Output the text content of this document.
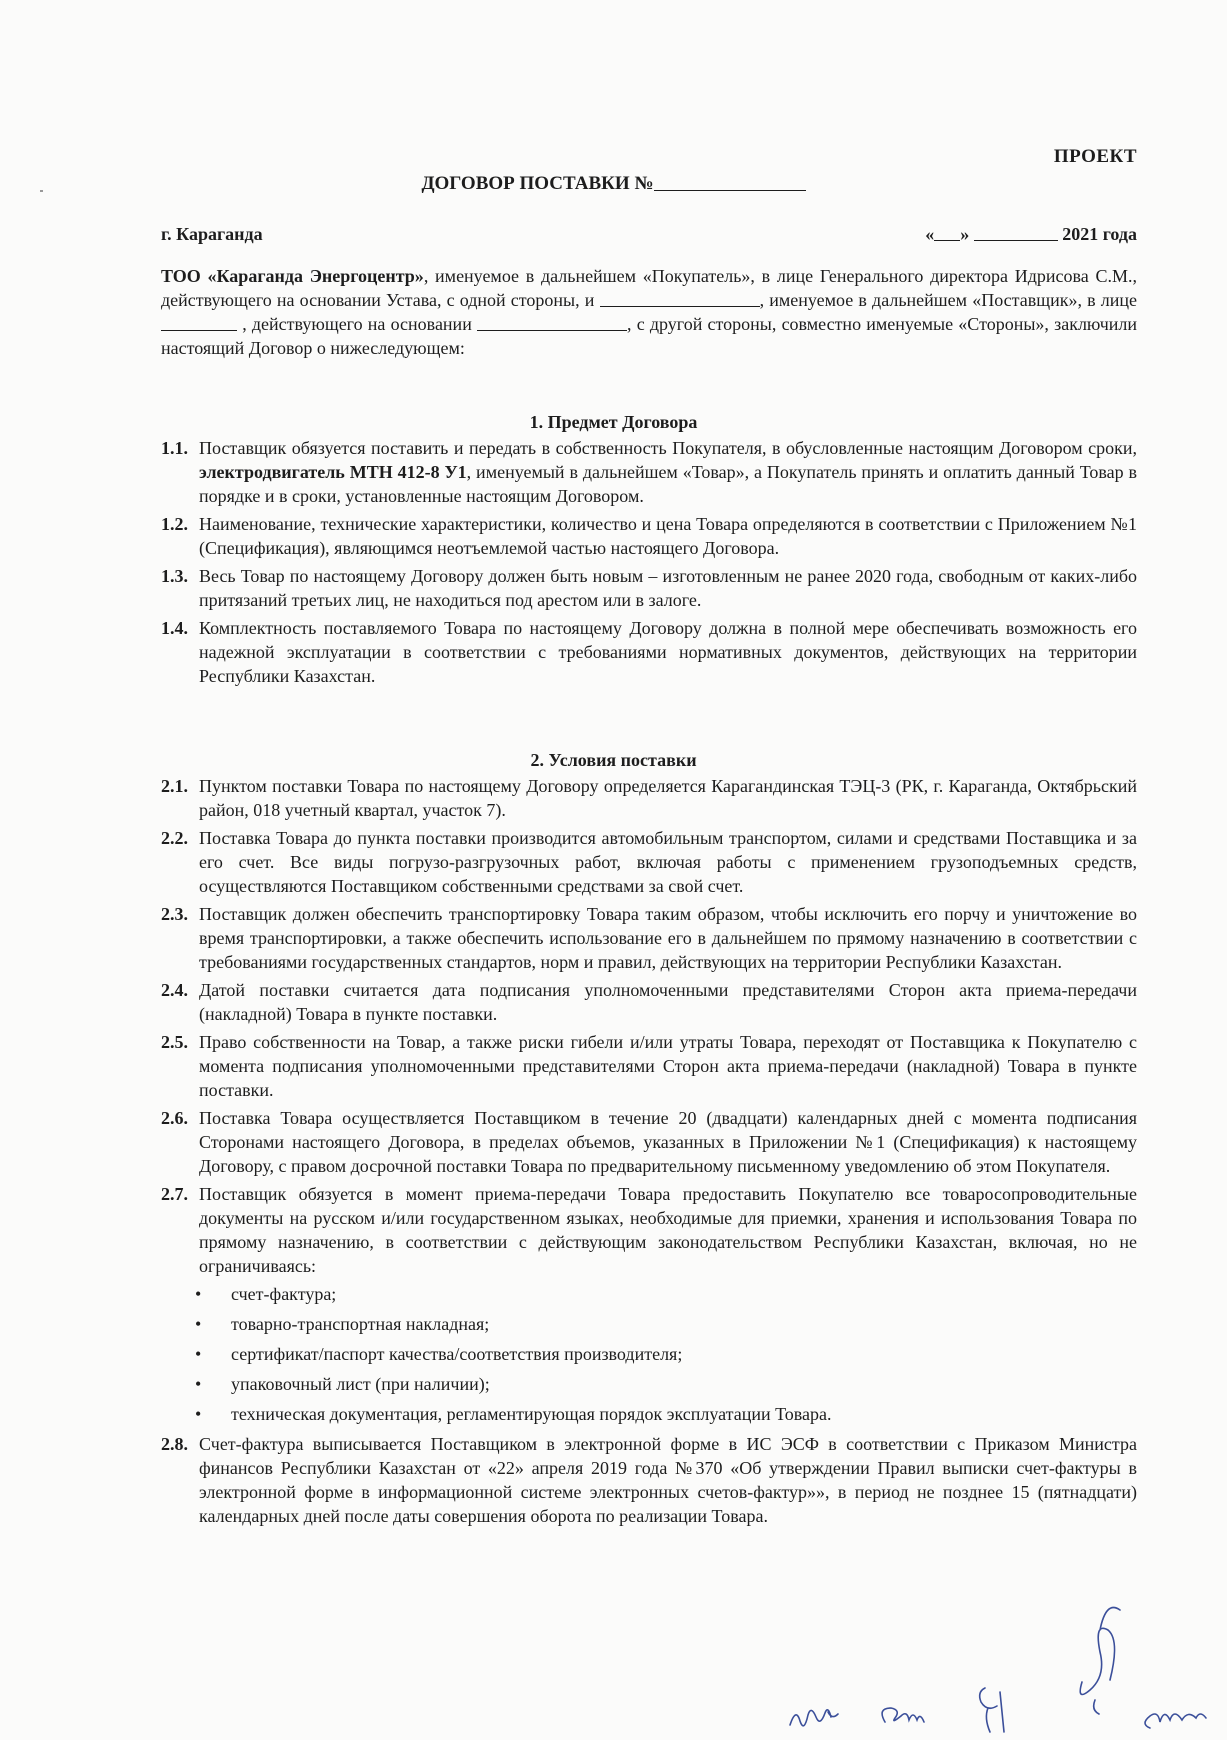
ПРОЕКТ
ДОГОВОР ПОСТАВКИ №
г. Караганда	« »	2021 года
ТОО «Караганда Энергоцентр», именуемое в дальнейшем «Покупатель», в лице Генерального директора Идрисова С.М., действующего на основании Устава, с одной стороны, и	, именуемое в дальнейшем «Поставщик», в лице  , действующего на основании	, с другой стороны, совместно именуемые «Стороны», заключили настоящий Договор о нижеследующем:
1. Предмет Договора
1.1. Поставщик обязуется поставить и передать в собственность Покупателя, в обусловленные настоящим Договором сроки, электродвигатель МТН 412-8 У1, именуемый в дальнейшем «Товар», а Покупатель принять и оплатить данный Товар в порядке и в сроки, установленные настоящим Договором.
1.2. Наименование, технические характеристики, количество и цена Товара определяются в соответствии с Приложением №1 (Спецификация), являющимся неотъемлемой частью настоящего Договора.
1.3. Весь Товар по настоящему Договору должен быть новым – изготовленным не ранее 2020 года, свободным от каких-либо притязаний третьих лиц, не находиться под арестом или в залоге.
1.4. Комплектность поставляемого Товара по настоящему Договору должна в полной мере обеспечивать возможность его надежной эксплуатации в соответствии с требованиями нормативных документов, действующих на территории Республики Казахстан.
2. Условия поставки
2.1. Пунктом поставки Товара по настоящему Договору определяется Карагандинская ТЭЦ-3 (РК, г. Караганда, Октябрьский район, 018 учетный квартал, участок 7).
2.2. Поставка Товара до пункта поставки производится автомобильным транспортом, силами и средствами Поставщика и за его счет. Все виды погрузо-разгрузочных работ, включая работы с применением грузоподъемных средств, осуществляются Поставщиком собственными средствами за свой счет.
2.3. Поставщик должен обеспечить транспортировку Товара таким образом, чтобы исключить его порчу и уничтожение во время транспортировки, а также обеспечить использование его в дальнейшем по прямому назначению в соответствии с требованиями государственных стандартов, норм и правил, действующих на территории Республики Казахстан.
2.4. Датой поставки считается дата подписания уполномоченными представителями Сторон акта приема-передачи (накладной) Товара в пункте поставки.
2.5. Право собственности на Товар, а также риски гибели и/или утраты Товара, переходят от Поставщика к Покупателю с момента подписания уполномоченными представителями Сторон акта приема-передачи (накладной) Товара в пункте поставки.
2.6. Поставка Товара осуществляется Поставщиком в течение 20 (двадцати) календарных дней с момента подписания Сторонами настоящего Договора, в пределах объемов, указанных в Приложении №1 (Спецификация) к настоящему Договору, с правом досрочной поставки Товара по предварительному письменному уведомлению об этом Покупателя.
2.7. Поставщик обязуется в момент приема-передачи Товара предоставить Покупателю все товаросопроводительные документы на русском и/или государственном языках, необходимые для приемки, хранения и использования Товара по прямому назначению, в соответствии с действующим законодательством Республики Казахстан, включая, но не ограничиваясь:
• счет-фактура;
• товарно-транспортная накладная;
• сертификат/паспорт качества/соответствия производителя;
• упаковочный лист (при наличии);
• техническая документация, регламентирующая порядок эксплуатации Товара.
2.8. Счет-фактура выписывается Поставщиком в электронной форме в ИС ЭСФ в соответствии с Приказом Министра финансов Республики Казахстан от «22» апреля 2019 года №370 «Об утверждении Правил выписки счет-фактуры в электронной форме в информационной системе электронных счетов-фактур»», в период не позднее 15 (пятнадцати) календарных дней после даты совершения оборота по реализации Товара.
